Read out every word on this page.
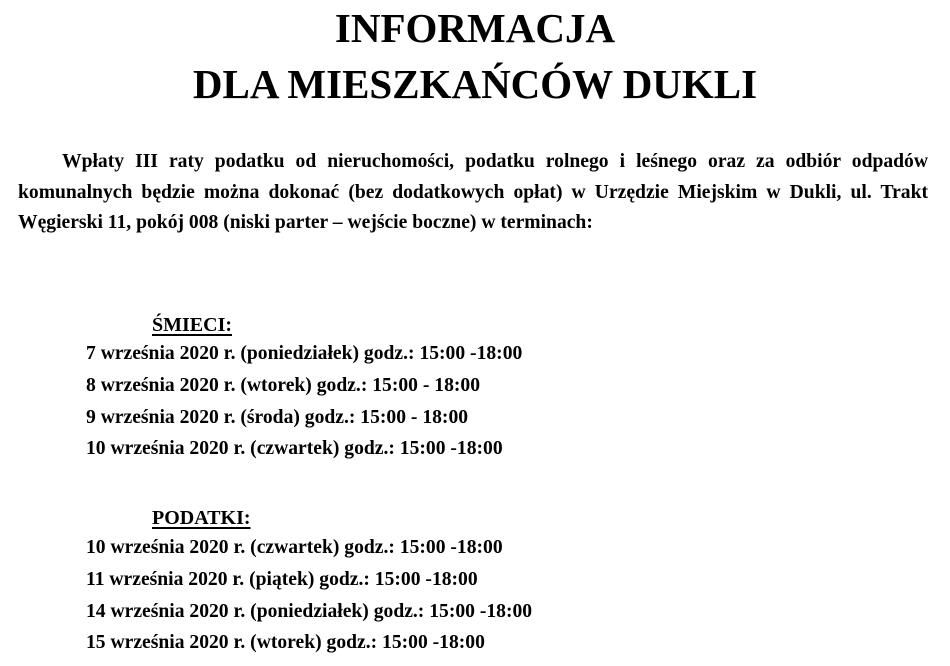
INFORMACJA
DLA MIESZKAŃCÓW DUKLI

Wpłaty III raty podatku od nieruchomości, podatku rolnego i leśnego oraz za odbiór odpadów komunalnych będzie można dokonać (bez dodatkowych opłat) w Urzędzie Miejskim w Dukli, ul. Trakt Węgierski 11, pokój 008 (niski parter – wejście boczne) w terminach:

ŚMIECI:
7 września 2020 r. (poniedziałek) godz.: 15:00 -18:00
8 września 2020 r. (wtorek) godz.: 15:00 - 18:00
9 września 2020 r. (środa) godz.: 15:00 - 18:00
10 września 2020 r. (czwartek) godz.: 15:00 -18:00
PODATKI:
10 września 2020 r. (czwartek) godz.: 15:00 -18:00
11 września 2020 r. (piątek) godz.: 15:00 -18:00
14 września 2020 r. (poniedziałek) godz.: 15:00 -18:00
15 września 2020 r. (wtorek) godz.: 15:00 -18:00
